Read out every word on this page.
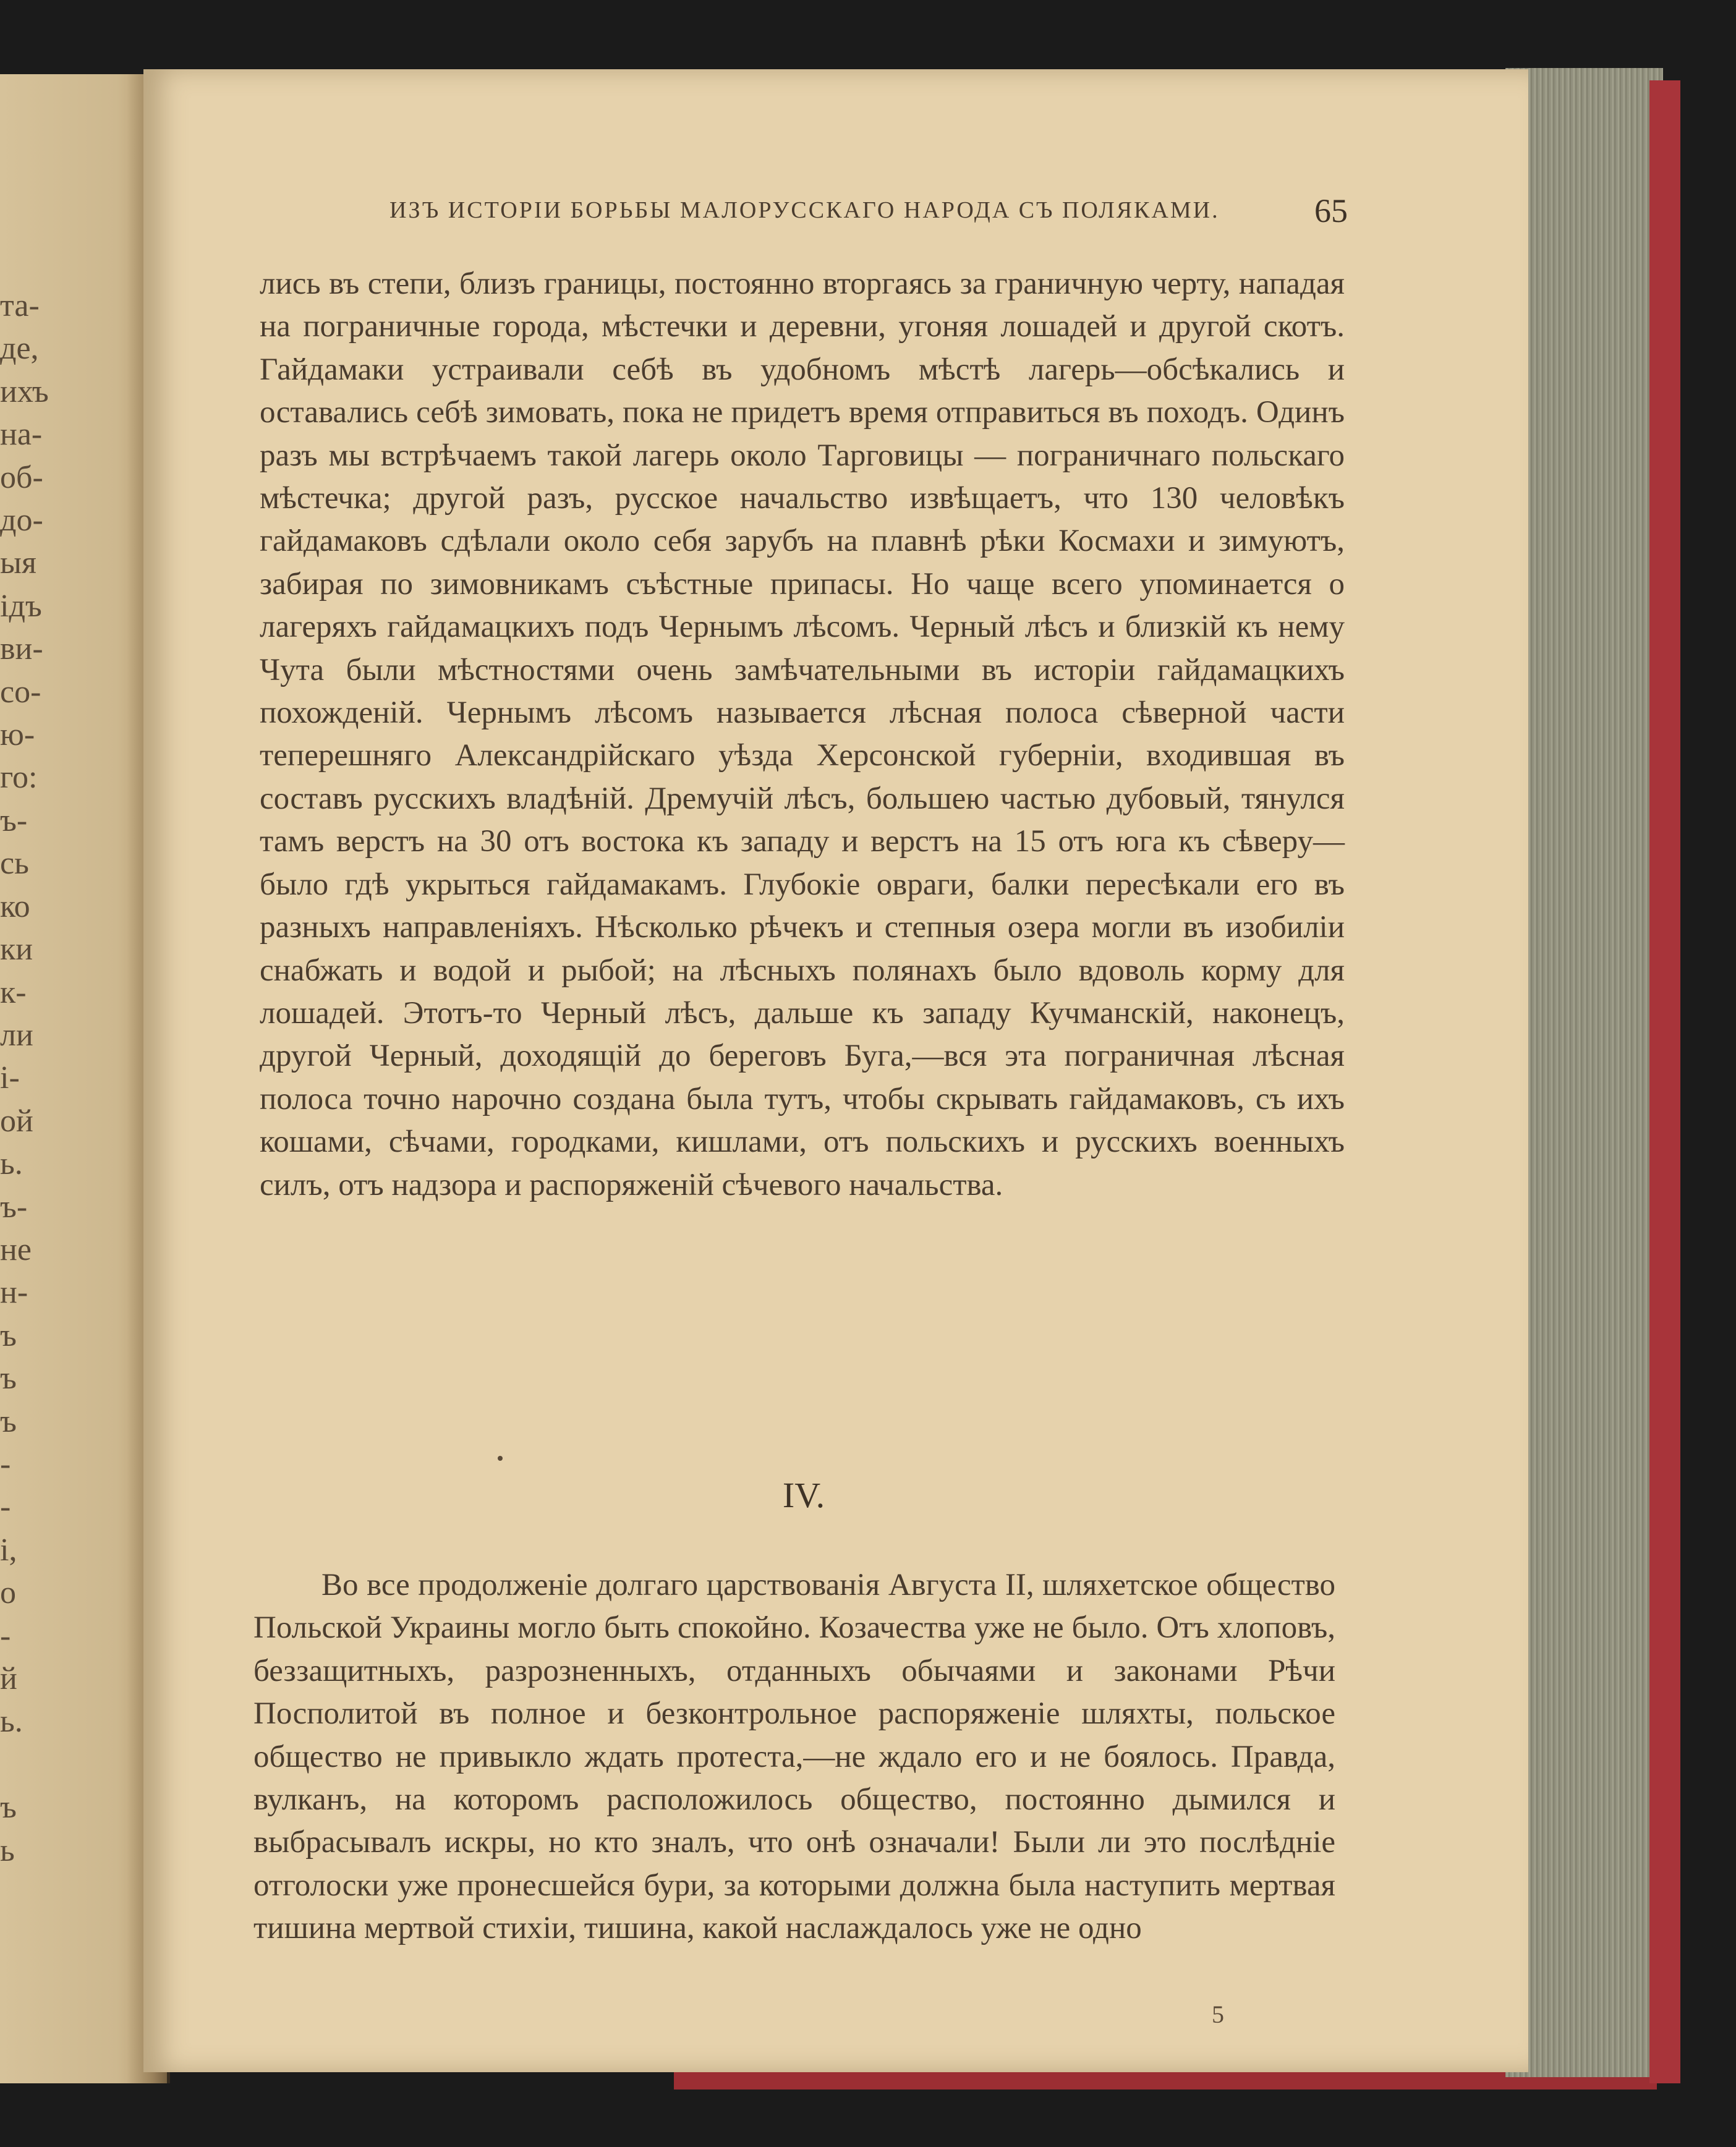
та-
де,
ихъ
на-
об-
до-
ыя
ідъ
ви-
со-
ю-
го:
ъ-
сь
ко
ки
к-
ли
і-
ой
ь.
ъ-
не
н-
ъ
ъ
ъ
-
-
і,
о
-
й
ь.

ъ
ь
ИЗЪ ИСТОРІИ БОРЬБЫ МАЛОРУССКАГО НАРОДА СЪ ПОЛЯКАМИ.	65

лись въ степи, близъ границы, постоянно вторгаясь за граничную черту, нападая на пограничные города, мѣстечки и деревни, угоняя лошадей и другой скотъ. Гайдамаки устраивали себѣ въ удобномъ мѣстѣ лагерь—обсѣкались и оставались себѣ зимовать, пока не придетъ время отправиться въ походъ. Одинъ разъ мы встрѣчаемъ такой лагерь около Тарговицы — пограничнаго польскаго мѣстечка; другой разъ, русское начальство извѣщаетъ, что 130 человѣкъ гайдамаковъ сдѣлали около себя зарубъ на плавнѣ рѣки Космахи и зимуютъ, забирая по зимовникамъ съѣстные припасы. Но чаще всего упоминается о лагеряхъ гайдамацкихъ подъ Чернымъ лѣсомъ. Черный лѣсъ и близкій къ нему Чута были мѣстностями очень замѣчательными въ исторіи гайдамацкихъ похожденій. Чернымъ лѣсомъ называется лѣсная полоса сѣверной части теперешняго Александрійскаго уѣзда Херсонской губерніи, входившая въ составъ русскихъ владѣній. Дремучій лѣсъ, большею частью дубовый, тянулся тамъ верстъ на 30 отъ востока къ западу и верстъ на 15 отъ юга къ сѣверу—было гдѣ укрыться гайдамакамъ. Глубокіе овраги, балки пересѣкали его въ разныхъ направленіяхъ. Нѣсколько рѣчекъ и степныя озера могли въ изобиліи снабжать и водой и рыбой; на лѣсныхъ полянахъ было вдоволь корму для лошадей. Этотъ-то Черный лѣсъ, дальше къ западу Кучманскій, наконецъ, другой Черный, доходящій до береговъ Буга,—вся эта пограничная лѣсная полоса точно нарочно создана была тутъ, чтобы скрывать гайдамаковъ, съ ихъ кошами, сѣчами, городками, кишлами, отъ польскихъ и русскихъ военныхъ силъ, отъ надзора и распоряженій сѣчевого начальства.

IV.

Во все продолженіе долгаго царствованія Августа II, шляхетское общество Польской Украины могло быть спокойно. Козачества уже не было. Отъ хлоповъ, беззащитныхъ, разрозненныхъ, отданныхъ обычаями и законами Рѣчи Посполитой въ полное и безконтрольное распоряженіе шляхты, польское общество не привыкло ждать протеста,—не ждало его и не боялось. Правда, вулканъ, на которомъ расположилось общество, постоянно дымился и выбрасывалъ искры, но кто зналъ, что онѣ означали! Были ли это послѣдніе отголоски уже пронесшейся бури, за которыми должна была наступить мертвая тишина мертвой стихіи, тишина, какой наслаждалось уже не одно

5
